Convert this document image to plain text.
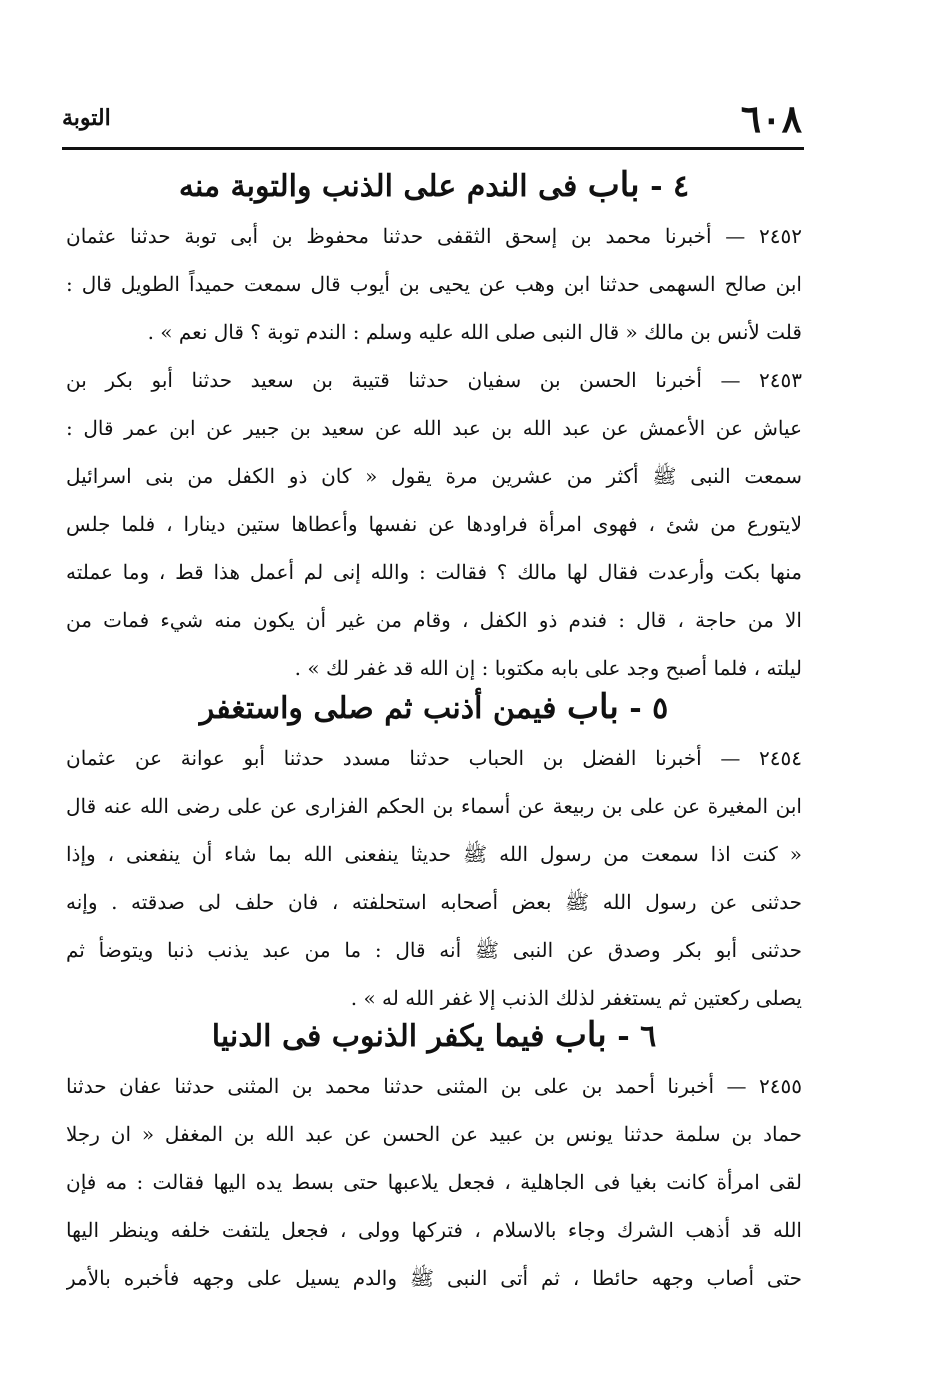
٦٠٨
التوبة
٤ - باب فى الندم على الذنب والتوبة منه
٢٤٥٢ — أخبرنا محمد بن إسحق الثقفى حدثنا محفوظ بن أبى توبة حدثنا عثمان
ابن صالح السهمى حدثنا ابن وهب عن يحيى بن أيوب قال سمعت حميداً الطويل قال :
قلت لأنس بن مالك « قال النبى صلى الله عليه وسلم : الندم توبة ؟ قال نعم » .
٢٤٥٣ — أخبرنا الحسن بن سفيان حدثنا قتيبة بن سعيد حدثنا أبو بكر بن
عياش عن الأعمش عن عبد الله بن عبد الله عن سعيد بن جبير عن ابن عمر قال :
سمعت النبى ﷺ أكثر من عشرين مرة يقول « كان ذو الكفل من بنى اسرائيل
لايتورع من شئ ، فهوى امرأة فراودها عن نفسها وأعطاها ستين دينارا ، فلما جلس
منها بكت وأرعدت فقال لها مالك ؟ فقالت : والله إنى لم أعمل هذا قط ، وما عملته
الا من حاجة ، قال : فندم ذو الكفل ، وقام من غير أن يكون منه شيء فمات من
ليلته ، فلما أصبح وجد على بابه مكتوبا : إن الله قد غفر لك » .
٥ - باب فيمن أذنب ثم صلى واستغفر
٢٤٥٤ — أخبرنا الفضل بن الحباب حدثنا مسدد حدثنا أبو عوانة عن عثمان
ابن المغيرة عن على بن ربيعة عن أسماء بن الحكم الفزارى عن على رضى الله عنه قال
« كنت اذا سمعت من رسول الله ﷺ حديثا ينفعنى الله بما شاء أن ينفعنى ، وإذا
حدثنى عن رسول الله ﷺ بعض أصحابه استحلفته ، فان حلف لى صدقته . وإنه
حدثنى أبو بكر وصدق عن النبى ﷺ أنه قال : ما من عبد يذنب ذنبا ويتوضأ ثم
يصلى ركعتين ثم يستغفر لذلك الذنب إلا غفر الله له » .
٦ - باب فيما يكفر الذنوب فى الدنيا
٢٤٥٥ — أخبرنا أحمد بن على بن المثنى حدثنا محمد بن المثنى حدثنا عفان حدثنا
حماد بن سلمة حدثنا يونس بن عبيد عن الحسن عن عبد الله بن المغفل « ان رجلا
لقى امرأة كانت بغيا فى الجاهلية ، فجعل يلاعبها حتى بسط يده اليها فقالت : مه فإن
الله قد أذهب الشرك وجاء بالاسلام ، فتركها وولى ، فجعل يلتفت خلفه وينظر اليها
حتى أصاب وجهه حائطا ، ثم أتى النبى ﷺ والدم يسيل على وجهه فأخبره بالأمر
